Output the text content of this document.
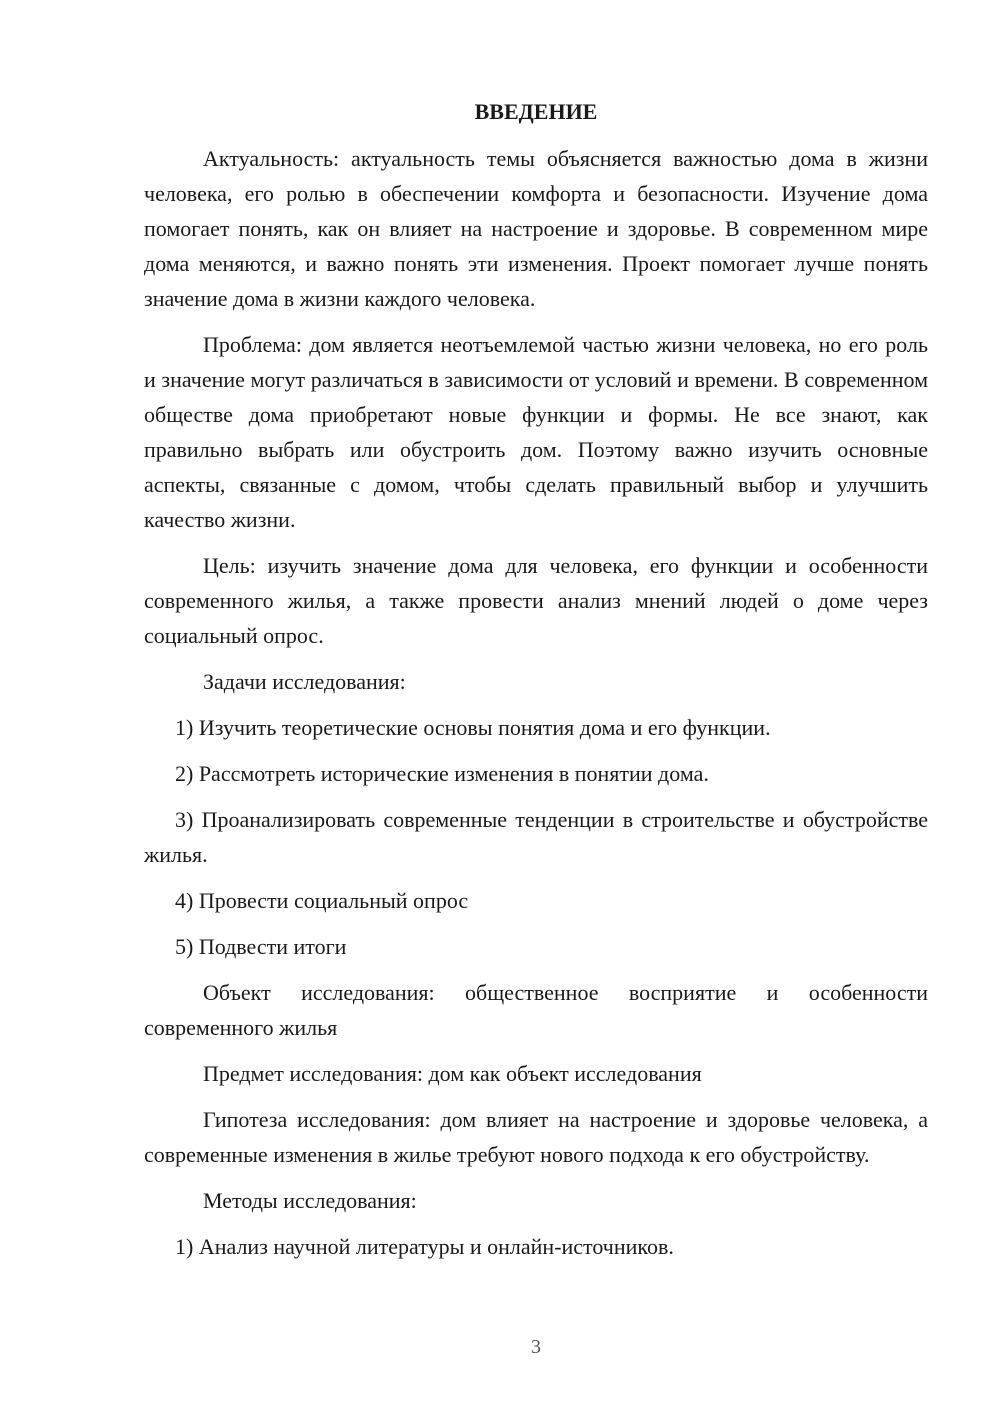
ВВЕДЕНИЕ

Актуальность: актуальность темы объясняется важностью дома в жизни человека, его ролью в обеспечении комфорта и безопасности. Изучение дома помогает понять, как он влияет на настроение и здоровье. В современном мире дома меняются, и важно понять эти изменения. Проект помогает лучше понять значение дома в жизни каждого человека.

Проблема: дом является неотъемлемой частью жизни человека, но его роль и значение могут различаться в зависимости от условий и времени. В современном обществе дома приобретают новые функции и формы. Не все знают, как правильно выбрать или обустроить дом. Поэтому важно изучить основные аспекты, связанные с домом, чтобы сделать правильный выбор и улучшить качество жизни.

Цель: изучить значение дома для человека, его функции и особенности современного жилья, а также провести анализ мнений людей о доме через социальный опрос.

Задачи исследования:

1) Изучить теоретические основы понятия дома и его функции.

2) Рассмотреть исторические изменения в понятии дома.

3) Проанализировать современные тенденции в строительстве и обустройстве жилья.

4) Провести социальный опрос

5) Подвести итоги

Объект исследования: общественное восприятие и особенности современного жилья

Предмет исследования: дом как объект исследования

Гипотеза исследования: дом влияет на настроение и здоровье человека, а современные изменения в жилье требуют нового подхода к его обустройству.

Методы исследования:

1) Анализ научной литературы и онлайн-источников.

3
